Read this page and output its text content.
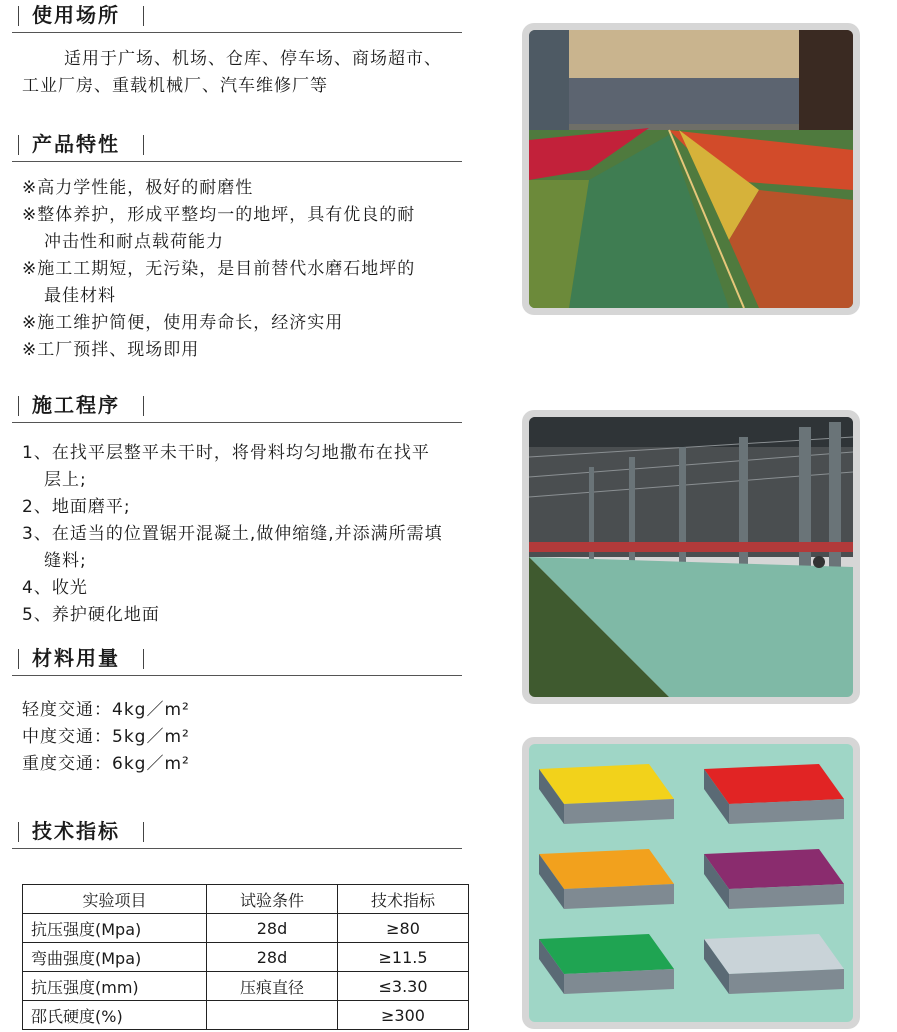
使用场所
适用于广场、机场、仓库、停车场、商场超市、
工业厂房、重载机械厂、汽车维修厂等
产品特性
※高力学性能，极好的耐磨性
※整体养护，形成平整均一的地坪，具有优良的耐
冲击性和耐点载荷能力
※施工工期短，无污染，是目前替代水磨石地坪的
最佳材料
※施工维护简便，使用寿命长，经济实用
※工厂预拌、现场即用
施工程序
1、在找平层整平未干时，将骨料均匀地撒布在找平
层上;
2、地面磨平;
3、在适当的位置锯开混凝土,做伸缩缝,并添满所需填
缝料;
4、收光
5、养护硬化地面
材料用量
轻度交通：4kg／m²
中度交通：5kg／m²
重度交通：6kg／m²
技术指标
实验项目	试验条件	技术指标
抗压强度(Mpa)	28d	≥80
弯曲强度(Mpa)	28d	≥11.5
抗压强度(mm)	压痕直径	≤3.30
邵氏硬度(%)		≥300
